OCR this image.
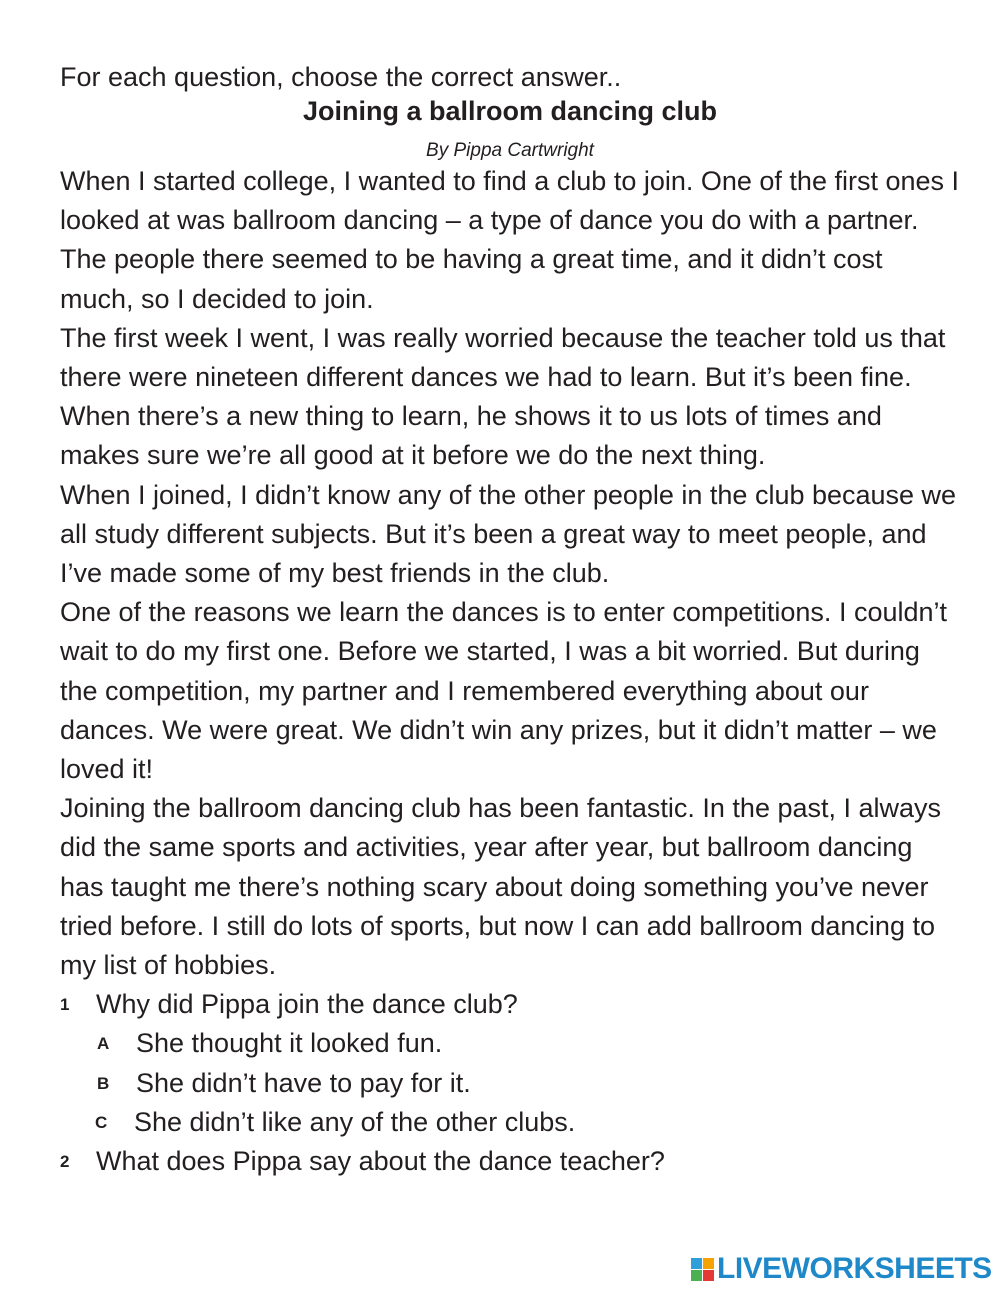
For each question, choose the correct answer..

Joining a ballroom dancing club

By Pippa Cartwright

When I started college, I wanted to find a club to join. One of the first ones I looked at was ballroom dancing – a type of dance you do with a partner. The people there seemed to be having a great time, and it didn’t cost much, so I decided to join.

The first week I went, I was really worried because the teacher told us that there were nineteen different dances we had to learn. But it’s been fine. When there’s a new thing to learn, he shows it to us lots of times and makes sure we’re all good at it before we do the next thing.

When I joined, I didn’t know any of the other people in the club because we all study different subjects. But it’s been a great way to meet people, and I’ve made some of my best friends in the club.

One of the reasons we learn the dances is to enter competitions. I couldn’t wait to do my first one. Before we started, I was a bit worried. But during the competition, my partner and I remembered everything about our dances. We were great. We didn’t win any prizes, but it didn’t matter – we loved it!

Joining the ballroom dancing club has been fantastic. In the past, I always did the same sports and activities, year after year, but ballroom dancing has taught me there’s nothing scary about doing something you’ve never tried before. I still do lots of sports, but now I can add ballroom dancing to my list of hobbies.

1 Why did Pippa join the dance club?
A She thought it looked fun.
B She didn’t have to pay for it.
C She didn’t like any of the other clubs.
2 What does Pippa say about the dance teacher?
LIVEWORKSHEETS
